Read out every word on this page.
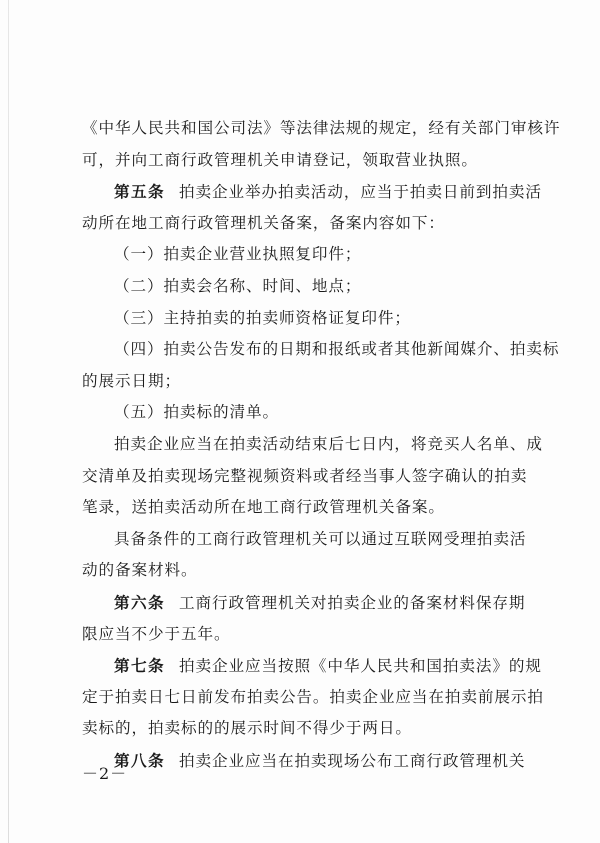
《中华人民共和国公司法》等法律法规的规定，经有关部门审核许
可，并向工商行政管理机关申请登记，领取营业执照。
第五条 拍卖企业举办拍卖活动，应当于拍卖日前到拍卖活
动所在地工商行政管理机关备案，备案内容如下：
（一）拍卖企业营业执照复印件；
（二）拍卖会名称、时间、地点；
（三）主持拍卖的拍卖师资格证复印件；
（四）拍卖公告发布的日期和报纸或者其他新闻媒介、拍卖标
的展示日期；
（五）拍卖标的清单。
拍卖企业应当在拍卖活动结束后七日内，将竞买人名单、成
交清单及拍卖现场完整视频资料或者经当事人签字确认的拍卖
笔录，送拍卖活动所在地工商行政管理机关备案。
具备条件的工商行政管理机关可以通过互联网受理拍卖活
动的备案材料。
第六条 工商行政管理机关对拍卖企业的备案材料保存期
限应当不少于五年。
第七条 拍卖企业应当按照《中华人民共和国拍卖法》的规
定于拍卖日七日前发布拍卖公告。拍卖企业应当在拍卖前展示拍
卖标的，拍卖标的的展示时间不得少于两日。
第八条 拍卖企业应当在拍卖现场公布工商行政管理机关
－2－
